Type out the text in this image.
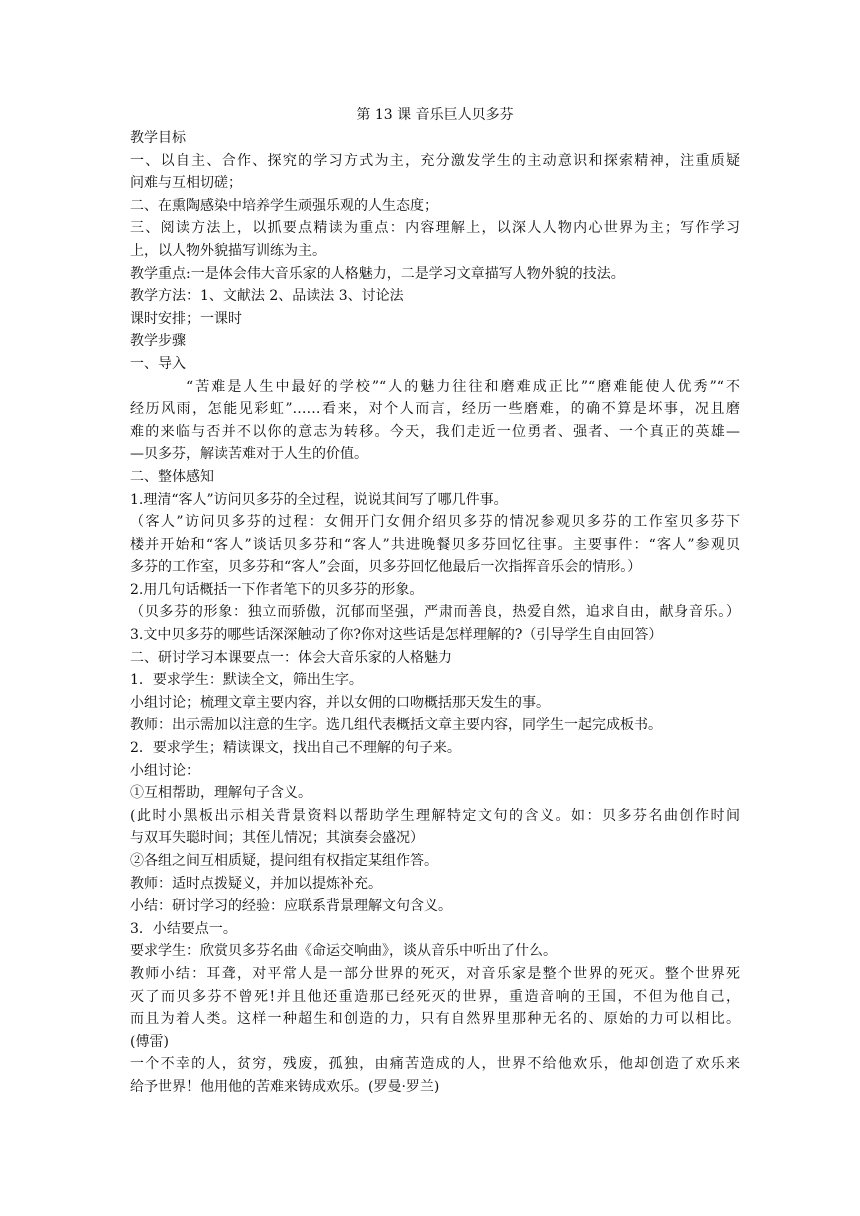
第 13 课 音乐巨人贝多芬
教学目标
一、以自主、合作、探究的学习方式为主，充分激发学生的主动意识和探索精神，注重质疑
问难与互相切磋；
二、在熏陶感染中培养学生顽强乐观的人生态度；
三、阅读方法上，以抓要点精读为重点：内容理解上，以深人人物内心世界为主；写作学习
上，以人物外貌描写训练为主。
教学重点:一是体会伟大音乐家的人格魅力，二是学习文章描写人物外貌的技法。
教学方法：1、文献法 2、品读法 3、讨论法
课时安排；一课时
教学步骤
一、导入
“苦难是人生中最好的学校”“人的魅力往往和磨难成正比”“磨难能使人优秀”“不
经历风雨，怎能见彩虹”……看来，对个人而言，经历一些磨难，的确不算是坏事，况且磨
难的来临与否并不以你的意志为转移。今天，我们走近一位勇者、强者、一个真正的英雄—
—贝多芬，解读苦难对于人生的价值。
二、整体感知
1.理清“客人”访问贝多芬的全过程，说说其间写了哪几件事。
（客人”访问贝多芬的过程：女佣开门女佣介绍贝多芬的情况参观贝多芬的工作室贝多芬下
楼并开始和“客人”谈话贝多芬和“客人”共进晚餐贝多芬回忆往事。主要事件：“客人”参观贝
多芬的工作室，贝多芬和“客人”会面，贝多芬回忆他最后一次指挥音乐会的情形。）
2.用几句话概括一下作者笔下的贝多芬的形象。
（贝多芬的形象：独立而骄傲，沉郁而坚强，严肃而善良，热爱自然，追求自由，献身音乐。）
3.文中贝多芬的哪些话深深触动了你?你对这些话是怎样理解的?（引导学生自由回答）
二、研讨学习本课要点一：体会大音乐家的人格魅力
1．要求学生：默读全文，筛出生字。
小组讨论；梳理文章主要内容，并以女佣的口吻概括那天发生的事。
教师：出示需加以注意的生字。选几组代表概括文章主要内容，同学生一起完成板书。
2．要求学生；精读课文，找出自己不理解的句子来。
小组讨论：
①互相帮助，理解句子含义。
(此时小黑板出示相关背景资料以帮助学生理解特定文句的含义。如：贝多芬名曲创作时间
与双耳失聪时间；其侄儿情况；其演奏会盛况）
②各组之间互相质疑，提问组有权指定某组作答。
教师：适时点拨疑义，并加以提炼补充。
小结：研讨学习的经验：应联系背景理解文句含义。
3．小结要点一。
要求学生：欣赏贝多芬名曲《命运交响曲》，谈从音乐中听出了什么。
教师小结：耳聋，对平常人是一部分世界的死灭，对音乐家是整个世界的死灭。整个世界死
灭了而贝多芬不曾死!并且他还重造那已经死灭的世界，重造音响的王国，不但为他自己，
而且为着人类。这样一种超生和创造的力，只有自然界里那种无名的、原始的力可以相比。
(傅雷)
一个不幸的人，贫穷，残废，孤独，由痛苦造成的人，世界不给他欢乐，他却创造了欢乐来
给予世界！他用他的苦难来铸成欢乐。(罗曼·罗兰)
